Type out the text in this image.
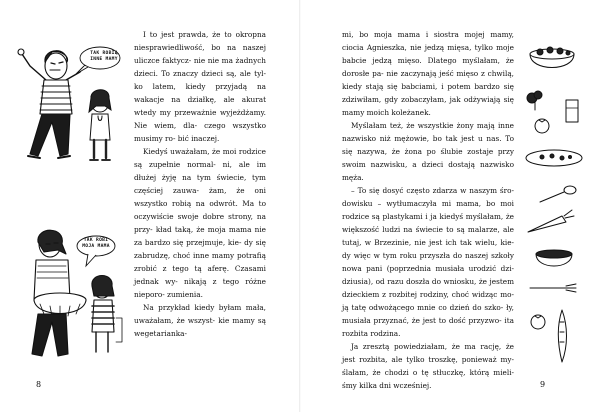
TAK ROBIĄ INNE MAMY
TAK ROBI MOJA MAMA

I to jest prawda, że to okropna niesprawiedliwość, bo na naszej uliczce faktycz- nie nie ma żadnych dzieci. To znaczy dzieci są, ale tyl- ko latem, kiedy przyjadą na wakacje na działkę, ale akurat wtedy my przeważnie wyjeżdżamy. Nie wiem, dla- czego wszystko musimy ro- bić inaczej.

Kiedyś uważałam, że moi rodzice są zupełnie normal- ni, ale im dłużej żyję na tym świecie, tym częściej zauwa- żam, że oni wszystko robią na odwrót. Ma to oczywiście swoje dobre strony, na przy- kład taką, że moja mama nie za bardzo się przejmuje, kie- dy się zabrudzę, choć inne mamy potrafią zrobić z tego tą aferę. Czasami jednak wy- nikają z tego różne nieporo- zumienia.

Na przykład kiedy byłam mała, uważałam, że wszyst- kie mamy są wegetarianka-

8

mi, bo moja mama i siostra mojej mamy, ciocia Agnieszka, nie jedzą mięsa, tylko moje babcie jedzą mięso. Dlatego myślałam, że dorosłe pa- nie zaczynają jeść mięso z chwilą, kiedy stają się babciami, i potem bardzo się zdziwiłam, gdy zobaczyłam, jak odżywiają się mamy moich koleżanek.

Myślałam też, że wszystkie żony mają inne nazwisko niż mężowie, bo tak jest u nas. To się nazywa, że żona po ślubie zostaje przy swoim nazwisku, a dzieci dostają nazwisko męża.

– To się dosyć często zdarza w naszym śro- dowisku – wytłumaczyła mi mama, bo moi rodzice są plastykami i ja kiedyś myślałam, że większość ludzi na świecie to są malarze, ale tutaj, w Brzezinie, nie jest ich tak wielu, kie- dy więc w tym roku przyszła do naszej szkoły nowa pani (poprzednia musiała urodzić dzi- dziusia), od razu doszła do wniosku, że jestem dzieckiem z rozbitej rodziny, choć widząc mo- ją tatę odwożącego mnie co dzień do szko- ły, musiała przyznać, że jest to dość przyzwo- ita rozbita rodzina.

Ja zresztą powiedziałam, że ma rację, że jest rozbita, ale tylko troszkę, ponieważ my- ślałam, że chodzi o tę stłuczkę, którą mieli- śmy kilka dni wcześniej.	9
